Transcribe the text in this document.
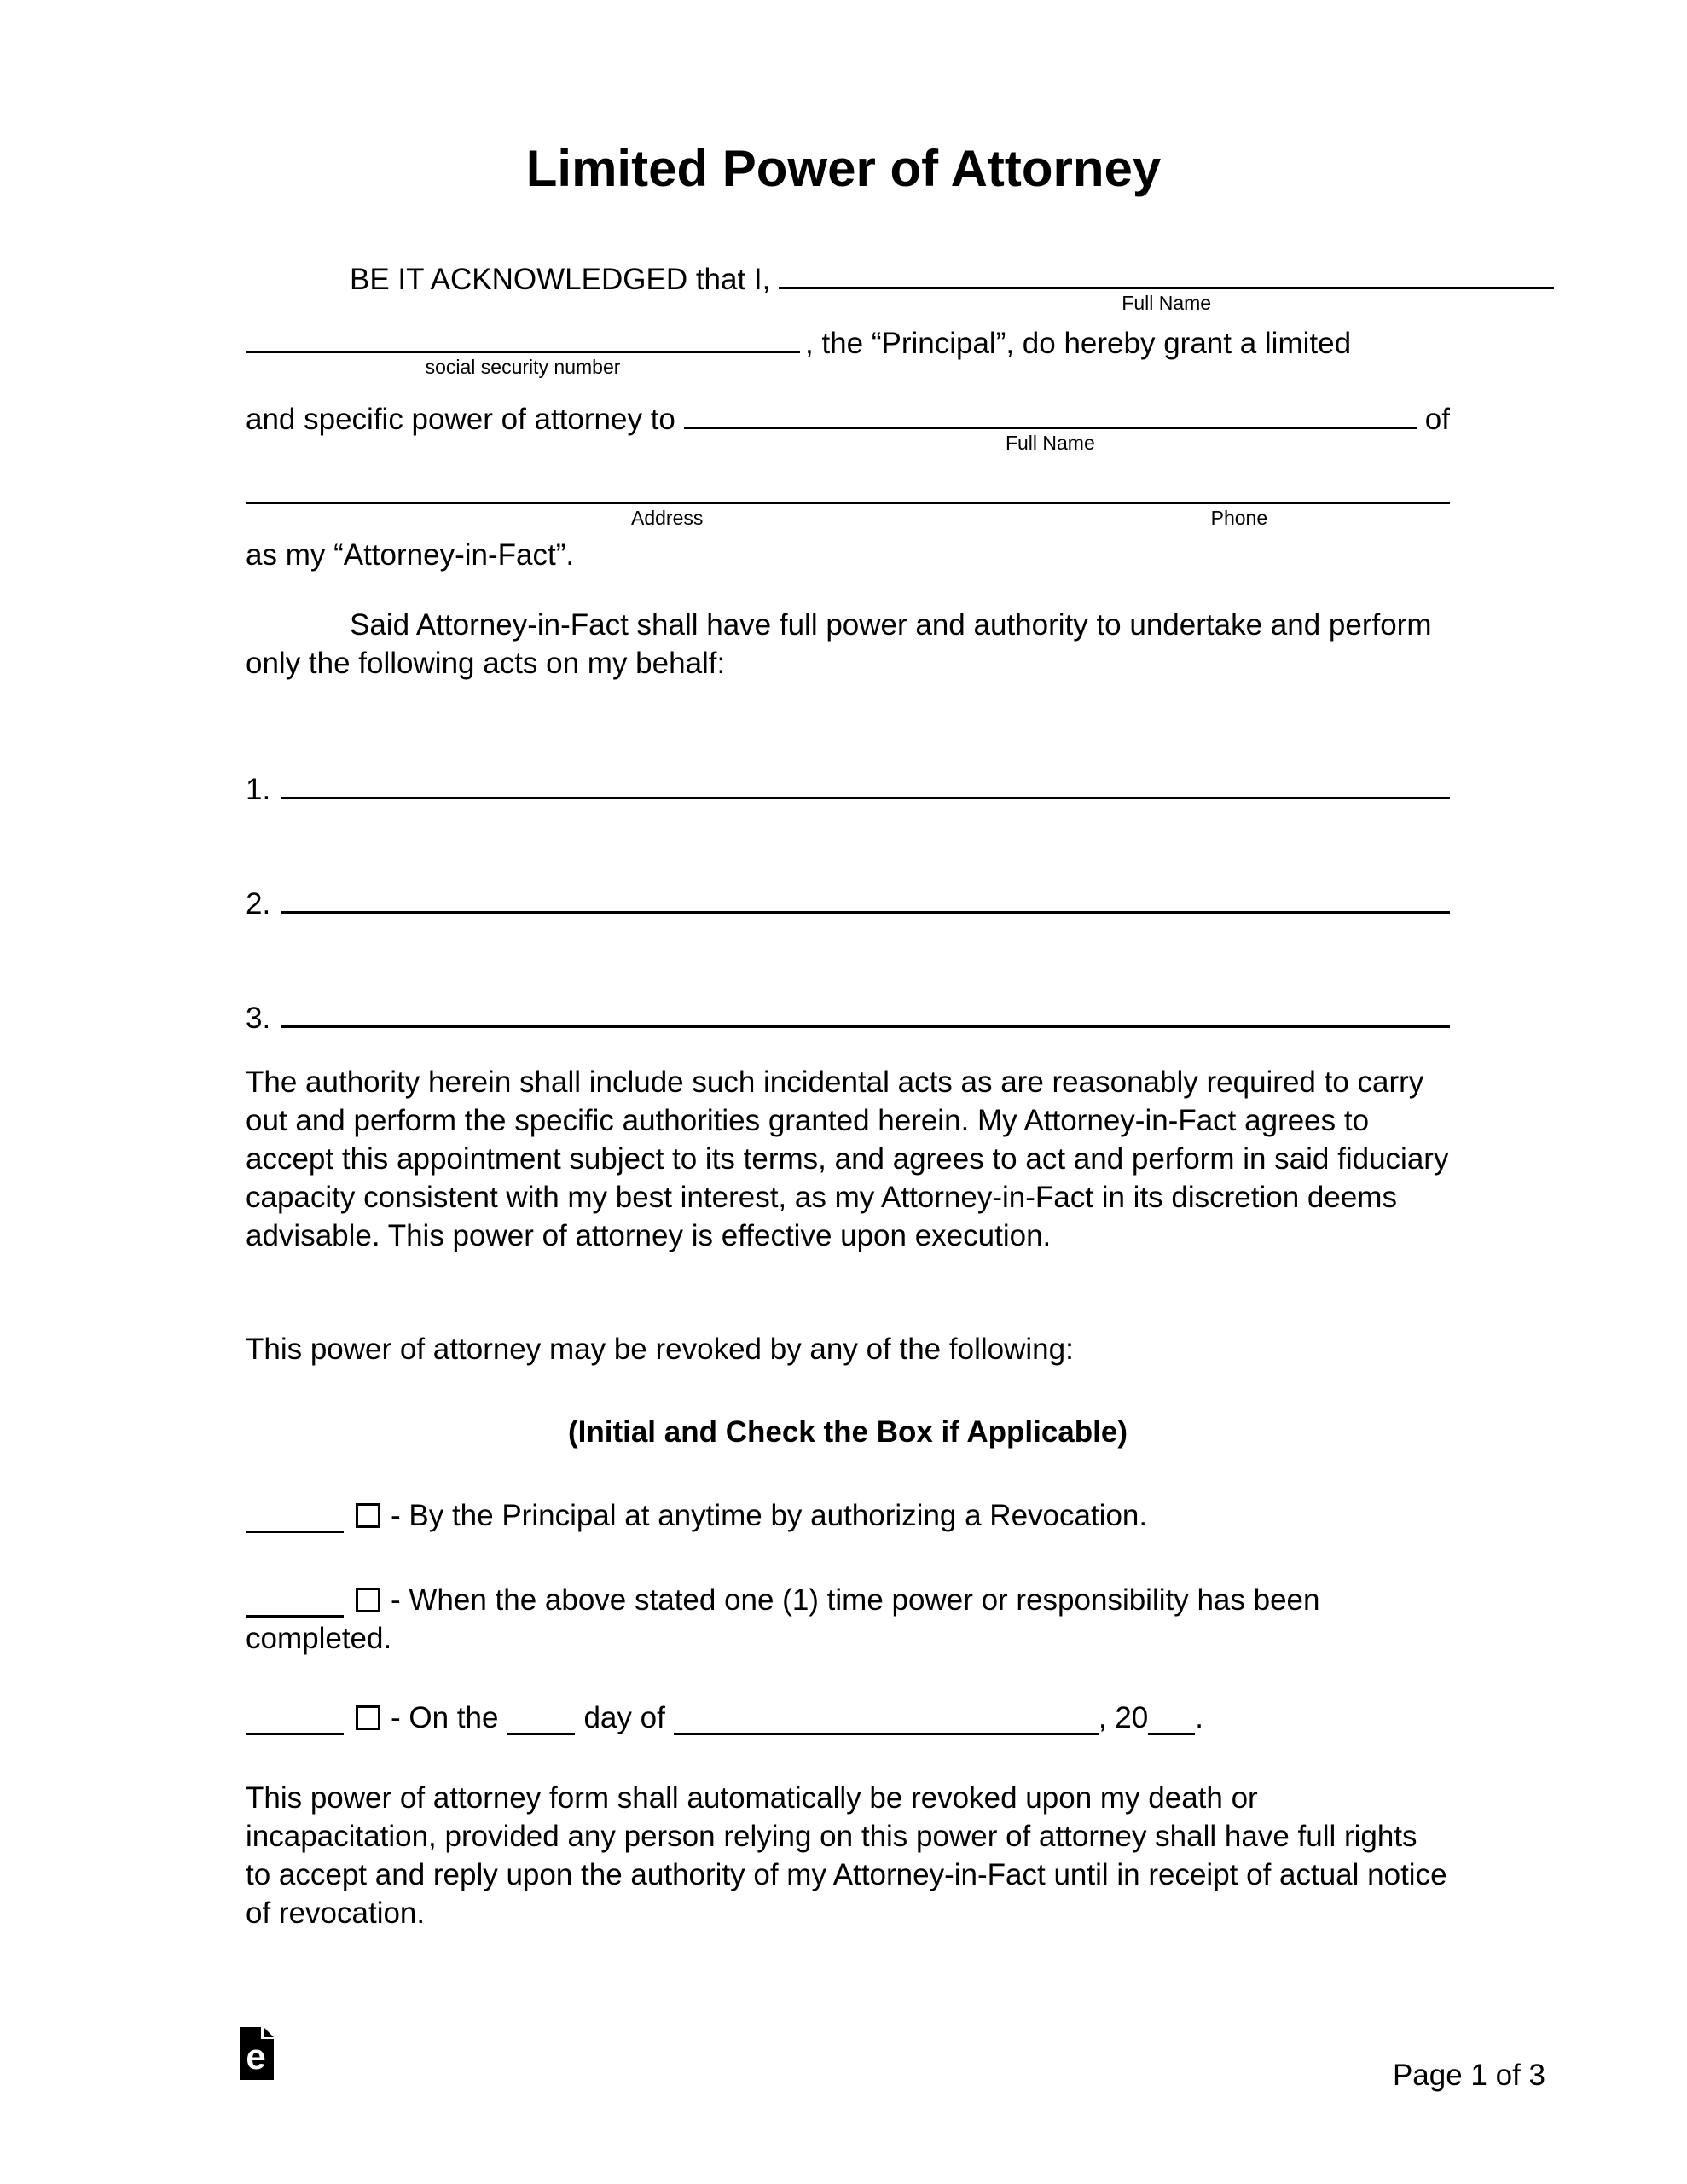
Limited Power of Attorney
BE IT ACKNOWLEDGED that I,
Full Name
social security number
, the “Principal”, do hereby grant a limited
and specific power of attorney to
Full Name
of
Address	Phone
as my “Attorney-in-Fact”.
Said Attorney-in-Fact shall have full power and authority to undertake and perform only the following acts on my behalf:
1.
2.
3.
The authority herein shall include such incidental acts as are reasonably required to carry out and perform the specific authorities granted herein. My Attorney-in-Fact agrees to accept this appointment subject to its terms, and agrees to act and perform in said fiduciary capacity consistent with my best interest, as my Attorney-in-Fact in its discretion deems advisable. This power of attorney is effective upon execution.
This power of attorney may be revoked by any of the following:
(Initial and Check the Box if Applicable)
- By the Principal at anytime by authorizing a Revocation.
- When the above stated one (1) time power or responsibility has been completed.
- On the	day of	, 20 .
This power of attorney form shall automatically be revoked upon my death or incapacitation, provided any person relying on this power of attorney shall have full rights to accept and reply upon the authority of my Attorney-in-Fact until in receipt of actual notice of revocation.
e	Page 1 of 3
